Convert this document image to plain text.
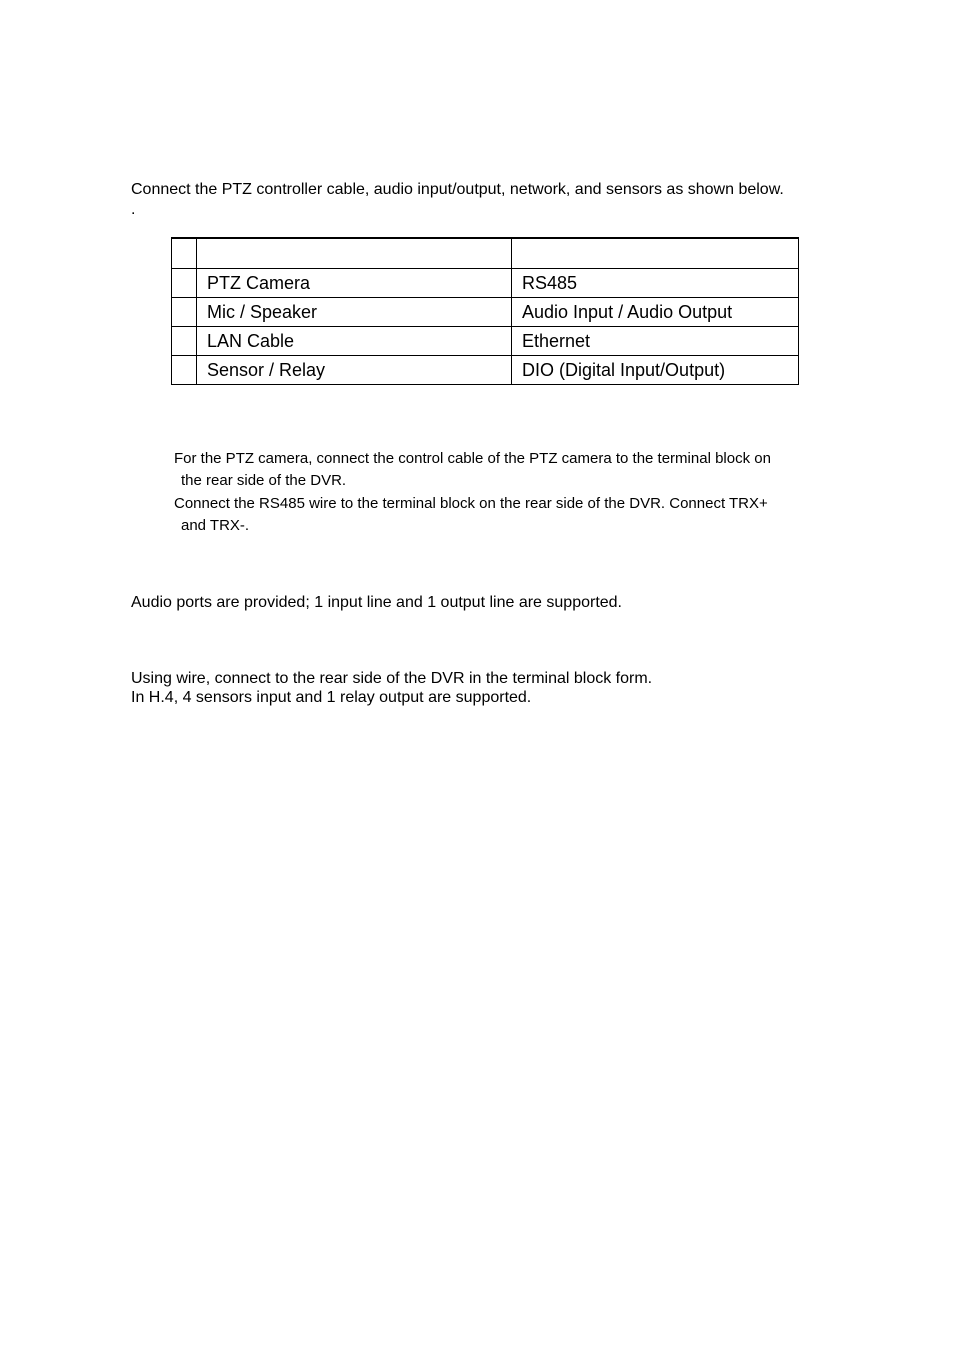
Connect the PTZ controller cable, audio input/output, network, and sensors as shown below.
.

	PTZ Camera	RS485
	Mic / Speaker	Audio Input / Audio Output
	LAN Cable	Ethernet
	Sensor / Relay	DIO (Digital Input/Output)
For the PTZ camera, connect the control cable of the PTZ camera to the terminal block on
the rear side of the DVR.
Connect the RS485 wire to the terminal block on the rear side of the DVR. Connect TRX+
and TRX-.
Audio ports are provided; 1 input line and 1 output line are supported.
Using wire, connect to the rear side of the DVR in the terminal block form.
In H.4, 4 sensors input and 1 relay output are supported.
